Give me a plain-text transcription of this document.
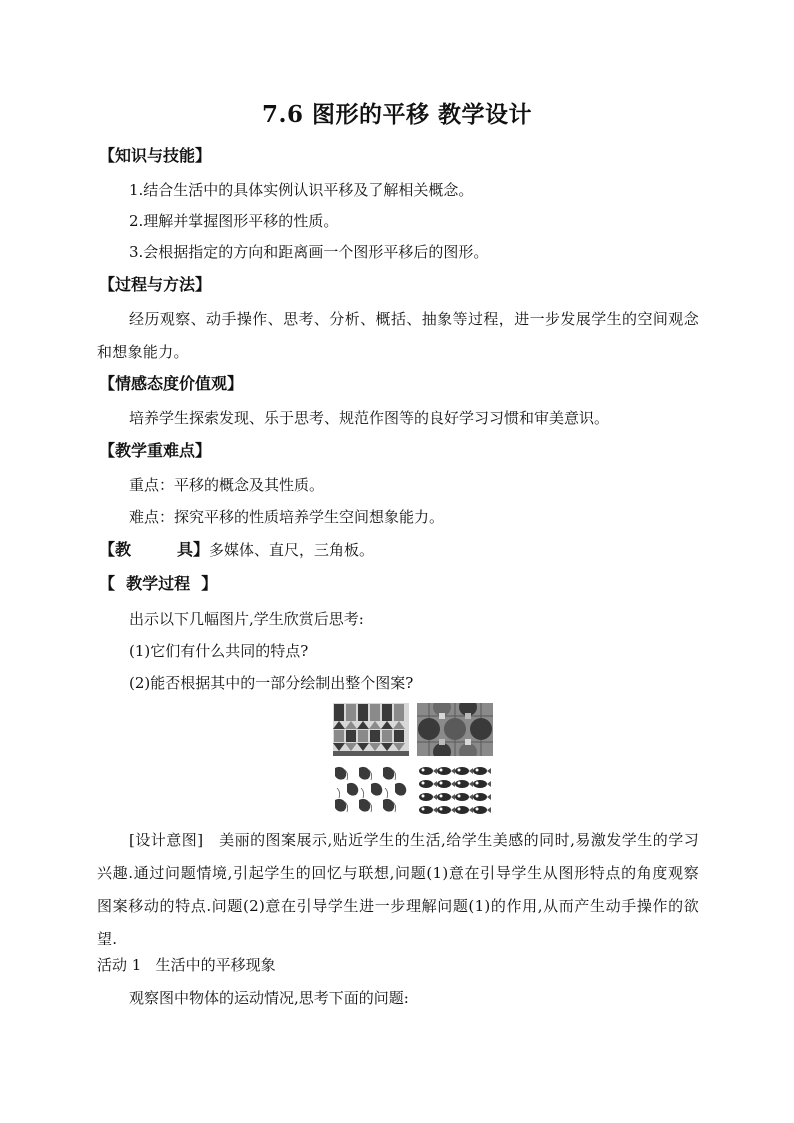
7.6 图形的平移 教学设计
【知识与技能】
1.结合生活中的具体实例认识平移及了解相关概念。
2.理解并掌握图形平移的性质。
3.会根据指定的方向和距离画一个图形平移后的图形。
【过程与方法】
经历观察、动手操作、思考、分析、概括、抽象等过程，进一步发展学生的空间观念和想象能力。
【情感态度价值观】
培养学生探索发现、乐于思考、规范作图等的良好学习习惯和审美意识。
【教学重难点】
重点：平移的概念及其性质。
难点：探究平移的性质培养学生空间想象能力。
【教	具】多媒体、直尺，三角板。
【  教学过程  】
出示以下几幅图片,学生欣赏后思考:
(1)它们有什么共同的特点?
(2)能否根据其中的一部分绘制出整个图案?
[设计意图]   美丽的图案展示,贴近学生的生活,给学生美感的同时,易激发学生的学习兴趣.通过问题情境,引起学生的回忆与联想,问题(1)意在引导学生从图形特点的角度观察图案移动的特点.问题(2)意在引导学生进一步理解问题(1)的作用,从而产生动手操作的欲望.
活动 1   生活中的平移现象
观察图中物体的运动情况,思考下面的问题:
